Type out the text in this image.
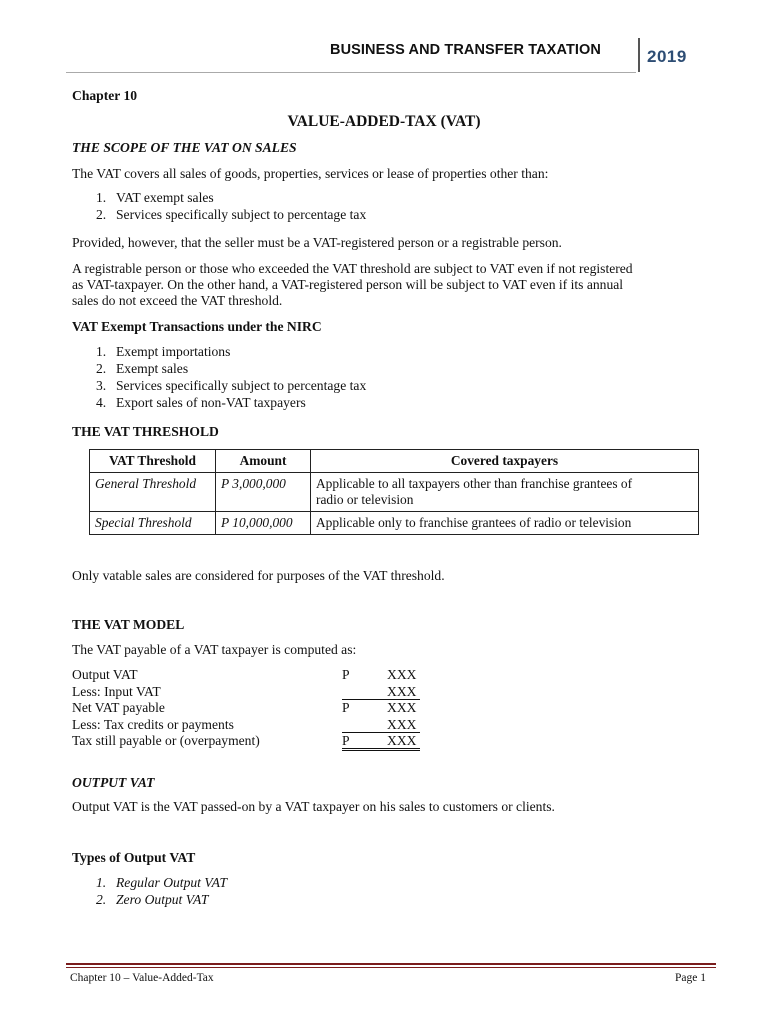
BUSINESS AND TRANSFER TAXATION	2019
Chapter 10
VALUE-ADDED-TAX (VAT)
THE SCOPE OF THE VAT ON SALES
The VAT covers all sales of goods, properties, services or lease of properties other than:
1. VAT exempt sales
2. Services specifically subject to percentage tax
Provided, however, that the seller must be a VAT-registered person or a registrable person.
A registrable person or those who exceeded the VAT threshold are subject to VAT even if not registered
as VAT-taxpayer. On the other hand, a VAT-registered person will be subject to VAT even if its annual
sales do not exceed the VAT threshold.
VAT Exempt Transactions under the NIRC
1. Exempt importations
2. Exempt sales
3. Services specifically subject to percentage tax
4. Export sales of non-VAT taxpayers
THE VAT THRESHOLD
VAT Threshold	Amount	Covered taxpayers
General Threshold	P 3,000,000	Applicable to all taxpayers other than franchise grantees of
radio or television

Special Threshold	P 10,000,000	Applicable only to franchise grantees of radio or television
Only vatable sales are considered for purposes of the VAT threshold.
THE VAT MODEL
The VAT payable of a VAT taxpayer is computed as:
Output VAT	P	XXX
Less: Input VAT	XXX
Net VAT payable	P	XXX
Less: Tax credits or payments	XXX
Tax still payable or (overpayment)	P	XXX
OUTPUT VAT
Output VAT is the VAT passed-on by a VAT taxpayer on his sales to customers or clients.
Types of Output VAT
1. Regular Output VAT
2. Zero Output VAT
Chapter 10 – Value-Added-Tax	Page 1
